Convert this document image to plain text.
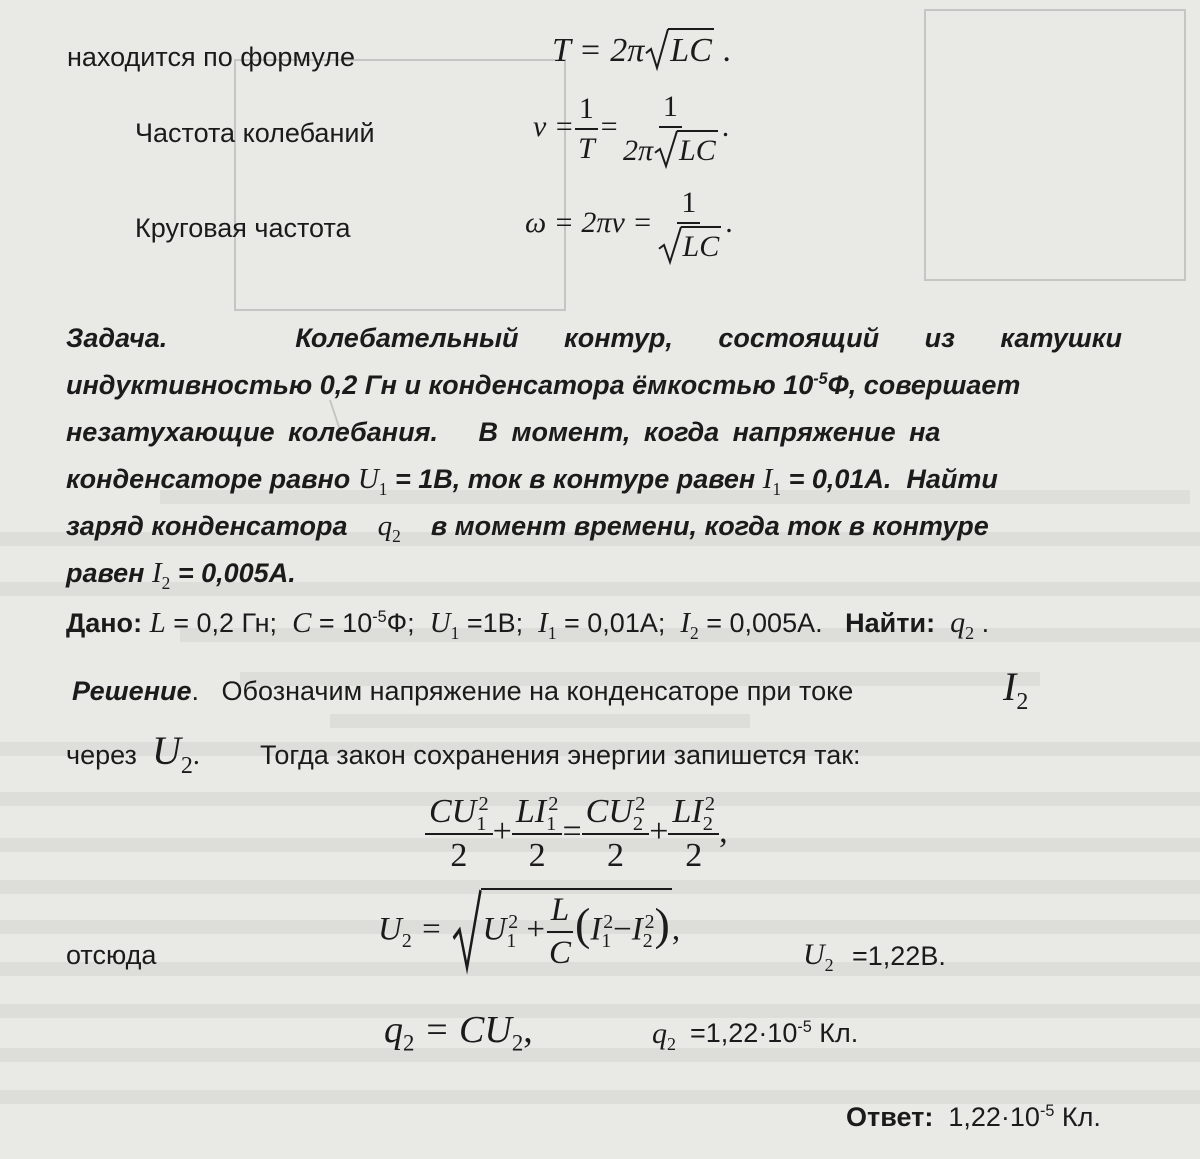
находится по формуле	T = 2π LC .
Частота колебаний	$\nu = \frac{1}{T} = \frac{1}{\text{2π LC}}$ .
Круговая частота	$\omega = 2\pi\nu = \frac{1}{LC}$ .

Задача.	Колебательный контур, состоящий из катушки

индуктивностью 0,2 Гн и конденсатора ёмкостью $10^{-5}Ф$, совершает

незатухающие колебания.   В момент, когда напряжение на

конденсаторе равно $U_1 = 1В$, ток в контуре равен $I_1 = 0,01А$.  Найти

заряд конденсатора    $q_2$    в момент времени, когда ток в контуре

равен $I_2 = 0,005А$.

Дано: L = 0,2 Гн; $C = 10^{-5}Ф$; $U_1 =1В$; $I_1 = 0,01А$; $I_2 = 0,005А$. Найти: $q_2$ .
Решение.   Обозначим напряжение на конденсаторе при токе	$I_2$
через $U_2$. Тогда закон сохранения энергии запишется так:
$\frac{CU_1^2}{2} + \frac{LI_1^2}{2} = \frac{CU_2^2}{2} + \frac{LI_2^2}{2}$ ,
отсюда
$U_2$ =
$U_1^2 + \frac{L}{C} (I_1^2-I_2^2)$,
$U_2 =1,22В$.
$q_2 = CU_2$,	$q_2 =1,22\cdot 10^{-5}$ Кл.
Ответ: $1,22\cdot 10^{-5}$ Кл.
